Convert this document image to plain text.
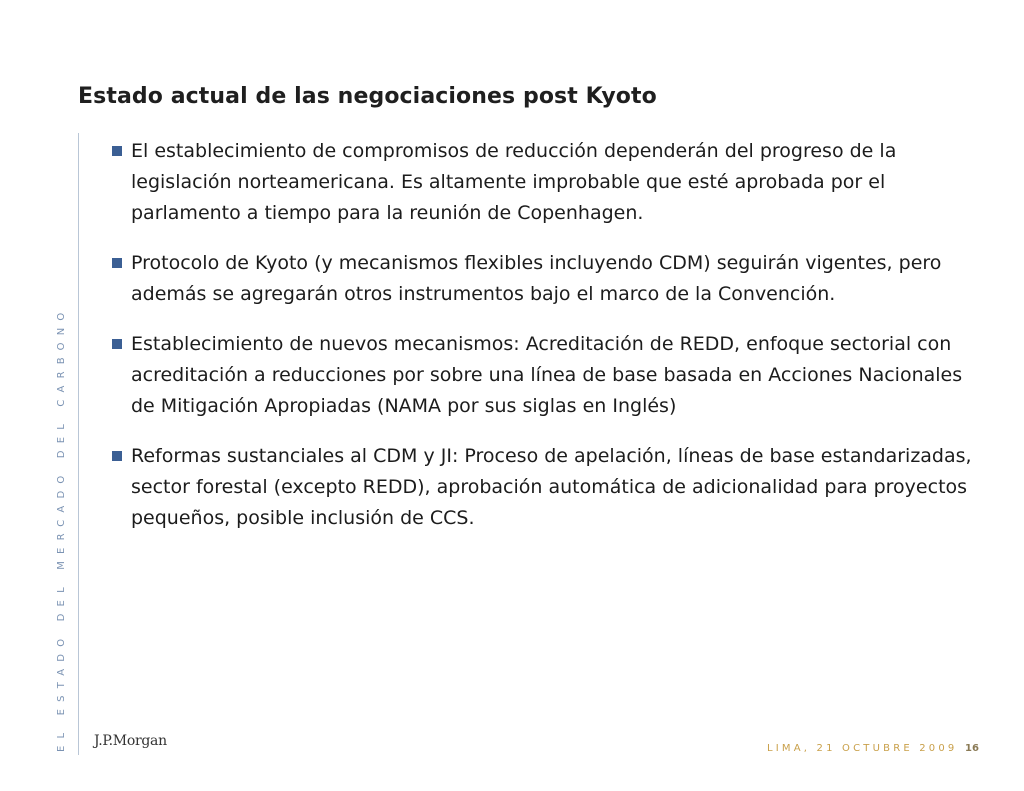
Estado actual de las negociaciones post Kyoto
EL ESTADO DEL MERCADO DEL CARBONO
El establecimiento de compromisos de reducción dependerán del progreso de la legislación norteamericana. Es altamente improbable que esté aprobada por el parlamento a tiempo para la reunión de Copenhagen.
Protocolo de Kyoto (y mecanismos flexibles incluyendo CDM) seguirán vigentes, pero además se agregarán otros instrumentos bajo el marco de la Convención.
Establecimiento de nuevos mecanismos: Acreditación de REDD, enfoque sectorial con acreditación a reducciones por sobre una línea de base basada en Acciones Nacionales de Mitigación Apropiadas (NAMA por sus siglas en Inglés)
Reformas sustanciales al CDM y JI: Proceso de apelación, líneas de base estandarizadas, sector forestal (excepto REDD), aprobación automática de adicionalidad para proyectos pequeños, posible inclusión de CCS.
J.P.Morgan	LIMA, 21 OCTUBRE 2009 16
